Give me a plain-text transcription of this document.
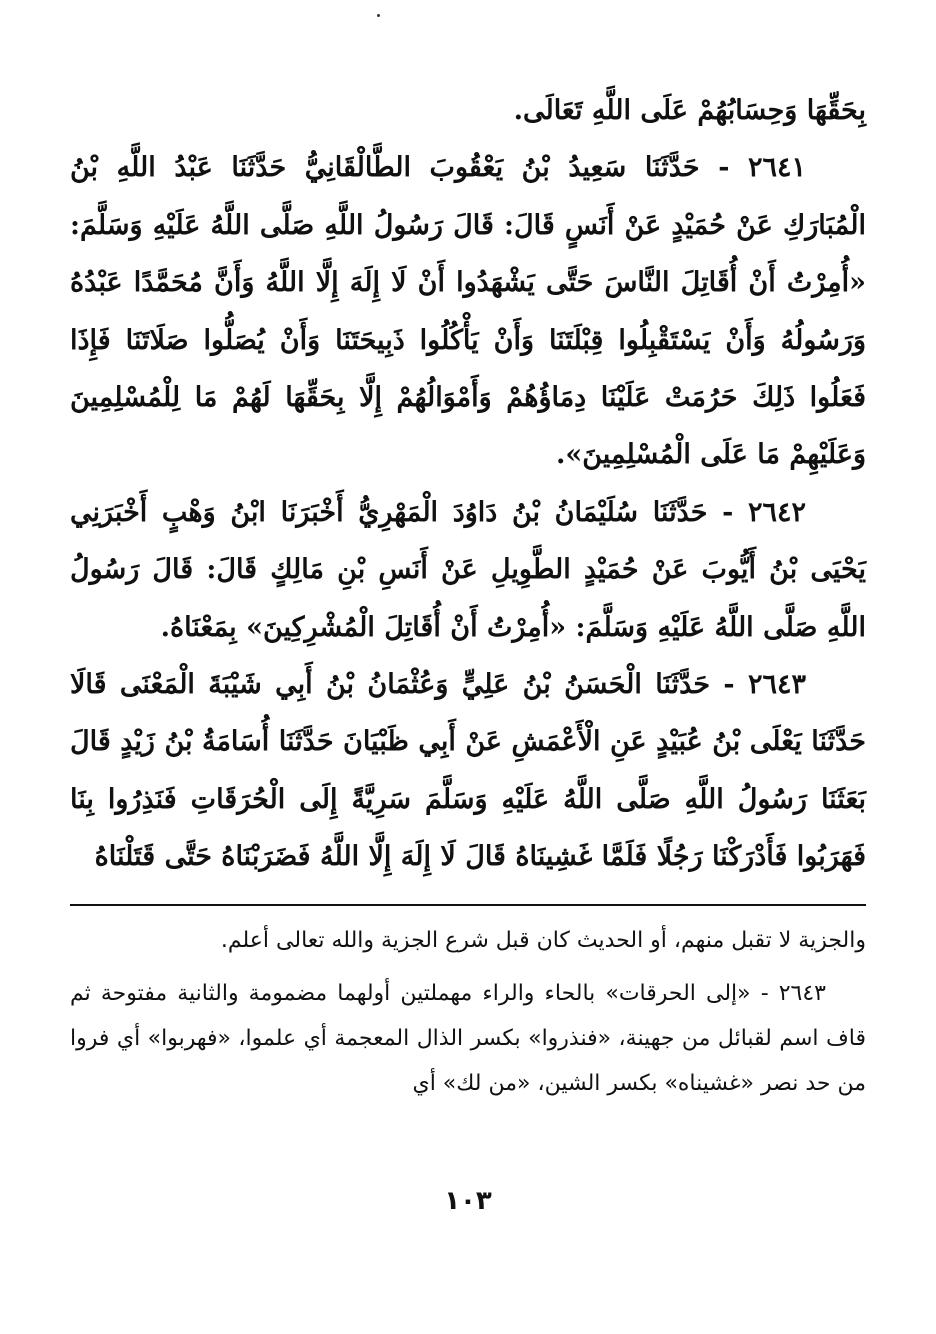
بِحَقِّهَا وَحِسَابُهُمْ عَلَى اللَّهِ تَعَالَى.

٢٦٤١ - حَدَّثَنَا سَعِيدُ بْنُ يَعْقُوبَ الطَّالْقَانِيُّ حَدَّثَنَا عَبْدُ اللَّهِ بْنُ الْمُبَارَكِ عَنْ حُمَيْدٍ عَنْ أَنَسٍ قَالَ: قَالَ رَسُولُ اللَّهِ صَلَّى اللَّهُ عَلَيْهِ وَسَلَّمَ: «أُمِرْتُ أَنْ أُقَاتِلَ النَّاسَ حَتَّى يَشْهَدُوا أَنْ لَا إِلَهَ إِلَّا اللَّهُ وَأَنَّ مُحَمَّدًا عَبْدُهُ وَرَسُولُهُ وَأَنْ يَسْتَقْبِلُوا قِبْلَتَنَا وَأَنْ يَأْكُلُوا ذَبِيحَتَنَا وَأَنْ يُصَلُّوا صَلَاتَنَا فَإِذَا فَعَلُوا ذَلِكَ حَرُمَتْ عَلَيْنَا دِمَاؤُهُمْ وَأَمْوَالُهُمْ إِلَّا بِحَقِّهَا لَهُمْ مَا لِلْمُسْلِمِينَ وَعَلَيْهِمْ مَا عَلَى الْمُسْلِمِينَ».

٢٦٤٢ - حَدَّثَنَا سُلَيْمَانُ بْنُ دَاوُدَ الْمَهْرِيُّ أَخْبَرَنَا ابْنُ وَهْبٍ أَخْبَرَنِي يَحْيَى بْنُ أَيُّوبَ عَنْ حُمَيْدٍ الطَّوِيلِ عَنْ أَنَسِ بْنِ مَالِكٍ قَالَ: قَالَ رَسُولُ اللَّهِ صَلَّى اللَّهُ عَلَيْهِ وَسَلَّمَ: «أُمِرْتُ أَنْ أُقَاتِلَ الْمُشْرِكِينَ» بِمَعْنَاهُ.

٢٦٤٣ - حَدَّثَنَا الْحَسَنُ بْنُ عَلِيٍّ وَعُثْمَانُ بْنُ أَبِي شَيْبَةَ الْمَعْنَى قَالَا حَدَّثَنَا يَعْلَى بْنُ عُبَيْدٍ عَنِ الْأَعْمَشِ عَنْ أَبِي ظَبْيَانَ حَدَّثَنَا أُسَامَةُ بْنُ زَيْدٍ قَالَ بَعَثَنَا رَسُولُ اللَّهِ صَلَّى اللَّهُ عَلَيْهِ وَسَلَّمَ سَرِيَّةً إِلَى الْحُرَقَاتِ فَنَذِرُوا بِنَا فَهَرَبُوا فَأَدْرَكْنَا رَجُلًا فَلَمَّا غَشِينَاهُ قَالَ لَا إِلَهَ إِلَّا اللَّهُ فَضَرَبْنَاهُ حَتَّى قَتَلْنَاهُ

والجزية لا تقبل منهم، أو الحديث كان قبل شرع الجزية والله تعالى أعلم.

٢٦٤٣ - «إلى الحرقات» بالحاء والراء مهملتين أولهما مضمومة والثانية مفتوحة ثم قاف اسم لقبائل من جهينة، «فنذروا» بكسر الذال المعجمة أي علموا، «فهربوا» أي فروا من حد نصر «غشيناه» بكسر الشين، «من لك» أي

١٠٣
